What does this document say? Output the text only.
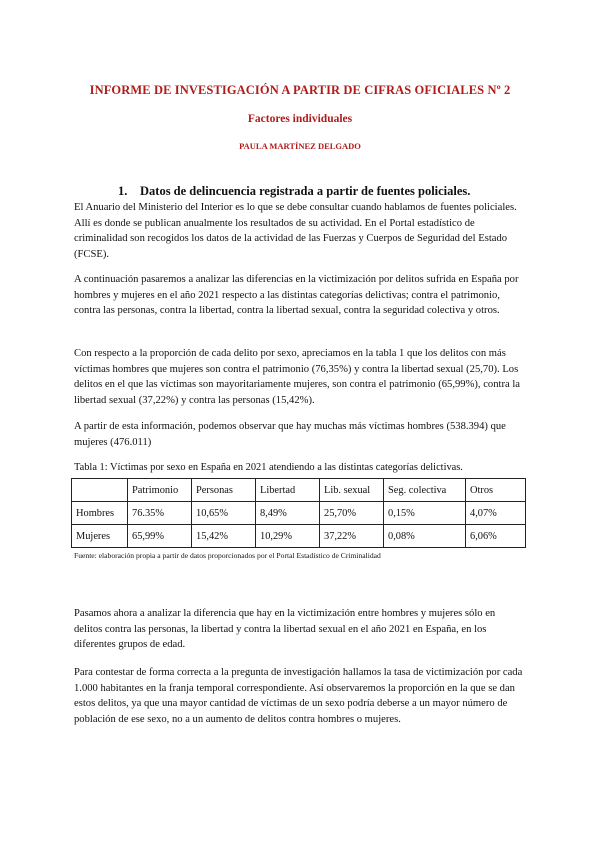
INFORME DE INVESTIGACIÓN A PARTIR DE CIFRAS OFICIALES Nº 2
Factores individuales
PAULA MARTÍNEZ DELGADO
1. Datos de delincuencia registrada a partir de fuentes policiales.

El Anuario del Ministerio del Interior es lo que se debe consultar cuando hablamos de fuentes policiales. Allí es donde se publican anualmente los resultados de su actividad. En el Portal estadístico de criminalidad son recogidos los datos de la actividad de las Fuerzas y Cuerpos de Seguridad del Estado (FCSE).

A continuación pasaremos a analizar las diferencias en la victimización por delitos sufrida en España por hombres y mujeres en el año 2021 respecto a las distintas categorías delictivas; contra el patrimonio, contra las personas, contra la libertad, contra la libertad sexual, contra la seguridad colectiva y otros.

Con respecto a la proporción de cada delito por sexo, apreciamos en la tabla 1 que los delitos con más víctimas hombres que mujeres son contra el patrimonio (76,35%) y contra la libertad sexual (25,70). Los delitos en el que las víctimas son mayoritariamente mujeres, son contra el patrimonio (65,99%), contra la libertad sexual (37,22%) y contra las personas (15,42%).

A partir de esta información, podemos observar que hay muchas más víctimas hombres (538.394) que mujeres (476.011)

Tabla 1: Víctimas por sexo en España en 2021 atendiendo a las distintas categorías delictivas.
	Patrimonio	Personas	Libertad	Lib. sexual	Seg. colectiva	Otros
Hombres	76.35%	10,65%	8,49%	25,70%	0,15%	4,07%
Mujeres	65,99%	15,42%	10,29%	37,22%	0,08%	6,06%
Fuente: elaboración propia a partir de datos proporcionados por el Portal Estadístico de Criminalidad

Pasamos ahora a analizar la diferencia que hay en la victimización entre hombres y mujeres sólo en delitos contra las personas, la libertad y contra la libertad sexual en el año 2021 en España, en los diferentes grupos de edad.

Para contestar de forma correcta a la pregunta de investigación hallamos la tasa de victimización por cada 1.000 habitantes en la franja temporal correspondiente. Así observaremos la proporción en la que se dan estos delitos, ya que una mayor cantidad de víctimas de un sexo podría deberse a un mayor número de población de ese sexo, no a un aumento de delitos contra hombres o mujeres.
